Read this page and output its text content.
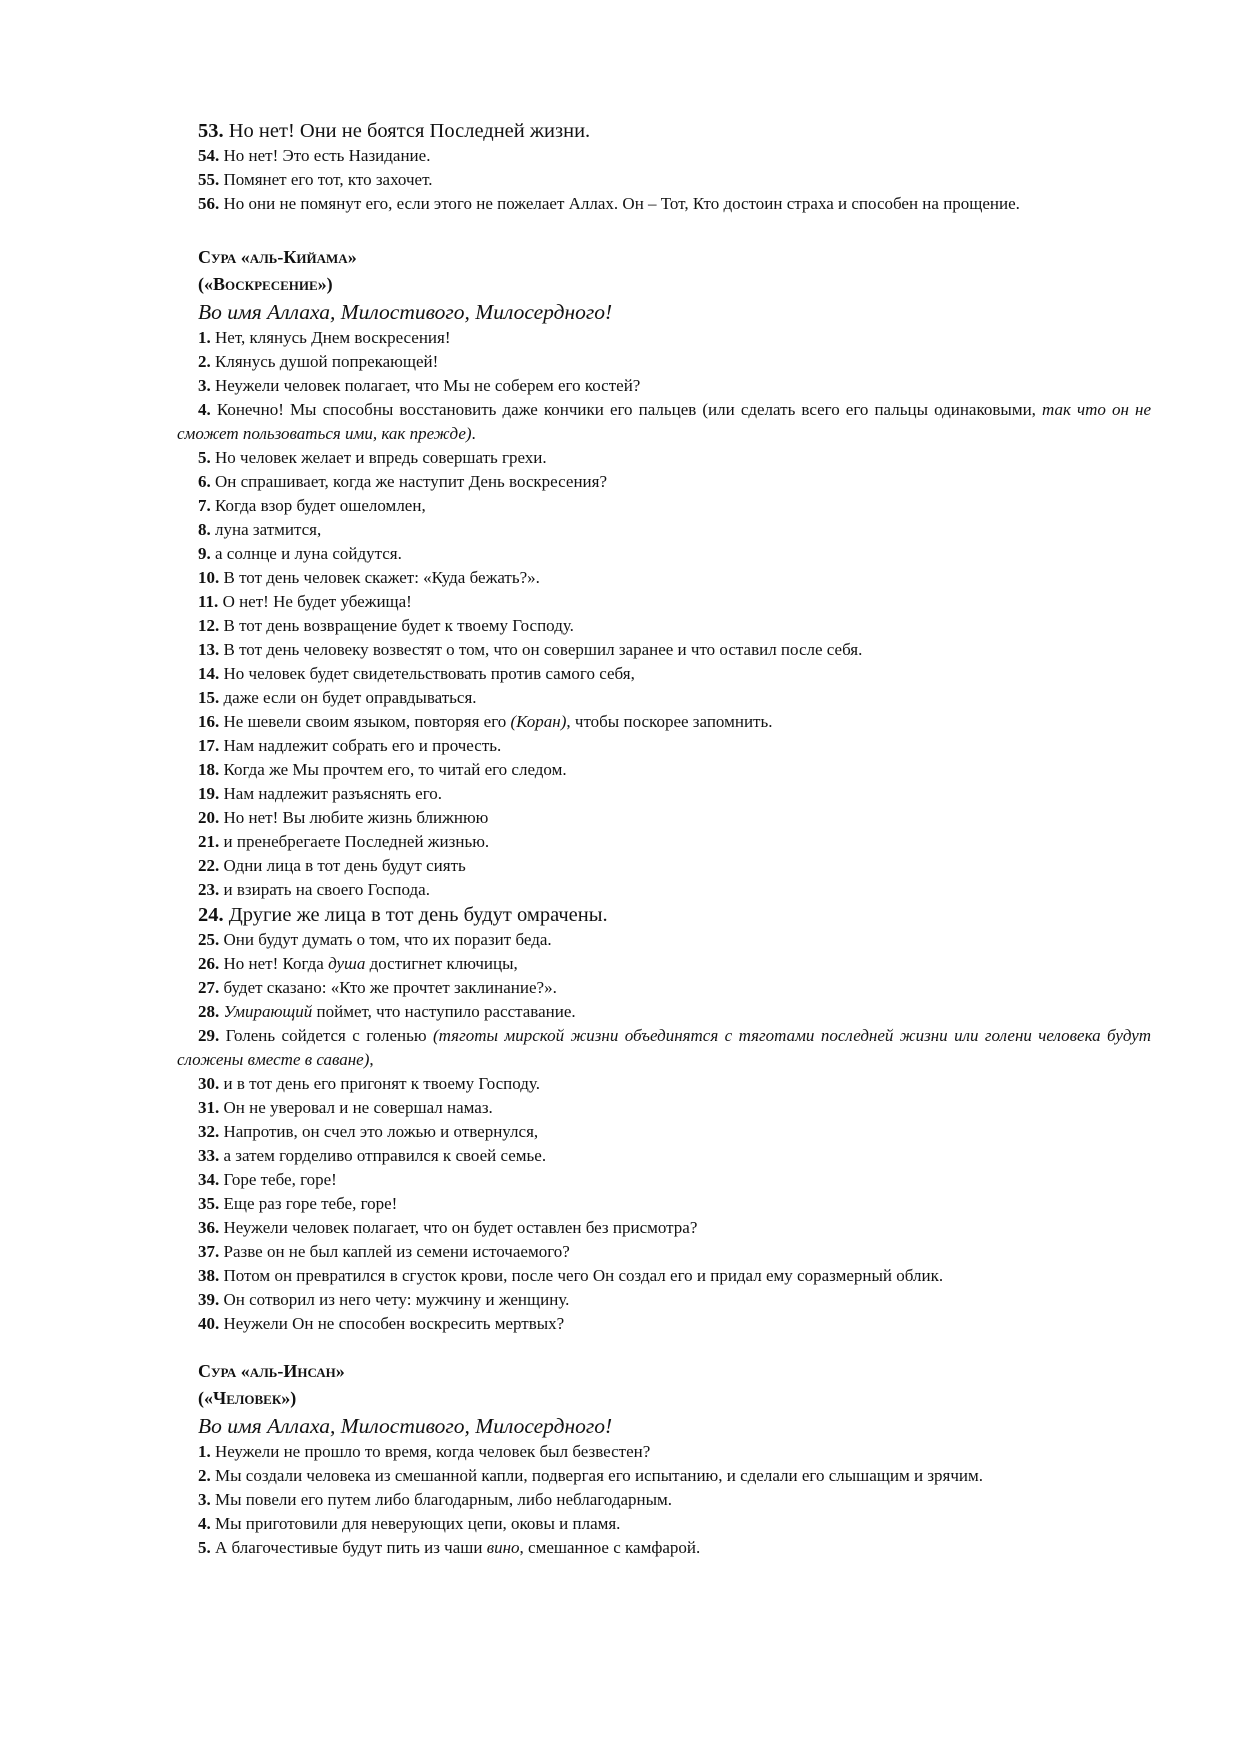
53. Но нет! Они не боятся Последней жизни.

54. Но нет! Это есть Назидание.

55. Помянет его тот, кто захочет.

56. Но они не помянут его, если этого не пожелает Аллах. Он – Тот, Кто достоин страха и способен на прощение.

Сура «аль-Кийама»
(«Воскресение»)

Во имя Аллаха, Милостивого, Милосердного!

1. Нет, клянусь Днем воскресения!

2. Клянусь душой попрекающей!

3. Неужели человек полагает, что Мы не соберем его костей?

4. Конечно! Мы способны восстановить даже кончики его пальцев (или сделать всего его пальцы одинаковыми, так что он не сможет пользоваться ими, как прежде).

5. Но человек желает и впредь совершать грехи.

6. Он спрашивает, когда же наступит День воскресения?

7. Когда взор будет ошеломлен,

8. луна затмится,

9. а солнце и луна сойдутся.

10. В тот день человек скажет: «Куда бежать?».

11. О нет! Не будет убежища!

12. В тот день возвращение будет к твоему Господу.

13. В тот день человеку возвестят о том, что он совершил заранее и что оставил после себя.

14. Но человек будет свидетельствовать против самого себя,

15. даже если он будет оправдываться.

16. Не шевели своим языком, повторяя его (Коран), чтобы поскорее запомнить.

17. Нам надлежит собрать его и прочесть.

18. Когда же Мы прочтем его, то читай его следом.

19. Нам надлежит разъяснять его.

20. Но нет! Вы любите жизнь ближнюю

21. и пренебрегаете Последней жизнью.

22. Одни лица в тот день будут сиять

23. и взирать на своего Господа.

24. Другие же лица в тот день будут омрачены.

25. Они будут думать о том, что их поразит беда.

26. Но нет! Когда душа достигнет ключицы,

27. будет сказано: «Кто же прочтет заклинание?».

28. Умирающий поймет, что наступило расставание.

29. Голень сойдется с голенью (тяготы мирской жизни объединятся с тяготами последней жизни или голени человека будут сложены вместе в саване),

30. и в тот день его пригонят к твоему Господу.

31. Он не уверовал и не совершал намаз.

32. Напротив, он счел это ложью и отвернулся,

33. а затем горделиво отправился к своей семье.

34. Горе тебе, горе!

35. Еще раз горе тебе, горе!

36. Неужели человек полагает, что он будет оставлен без присмотра?

37. Разве он не был каплей из семени источаемого?

38. Потом он превратился в сгусток крови, после чего Он создал его и придал ему соразмерный облик.

39. Он сотворил из него чету: мужчину и женщину.

40. Неужели Он не способен воскресить мертвых?

Сура «аль-Инсан»
(«Человек»)

Во имя Аллаха, Милостивого, Милосердного!

1. Неужели не прошло то время, когда человек был безвестен?

2. Мы создали человека из смешанной капли, подвергая его испытанию, и сделали его слышащим и зрячим.

3. Мы повели его путем либо благодарным, либо неблагодарным.

4. Мы приготовили для неверующих цепи, оковы и пламя.

5. А благочестивые будут пить из чаши вино, смешанное с камфарой.
